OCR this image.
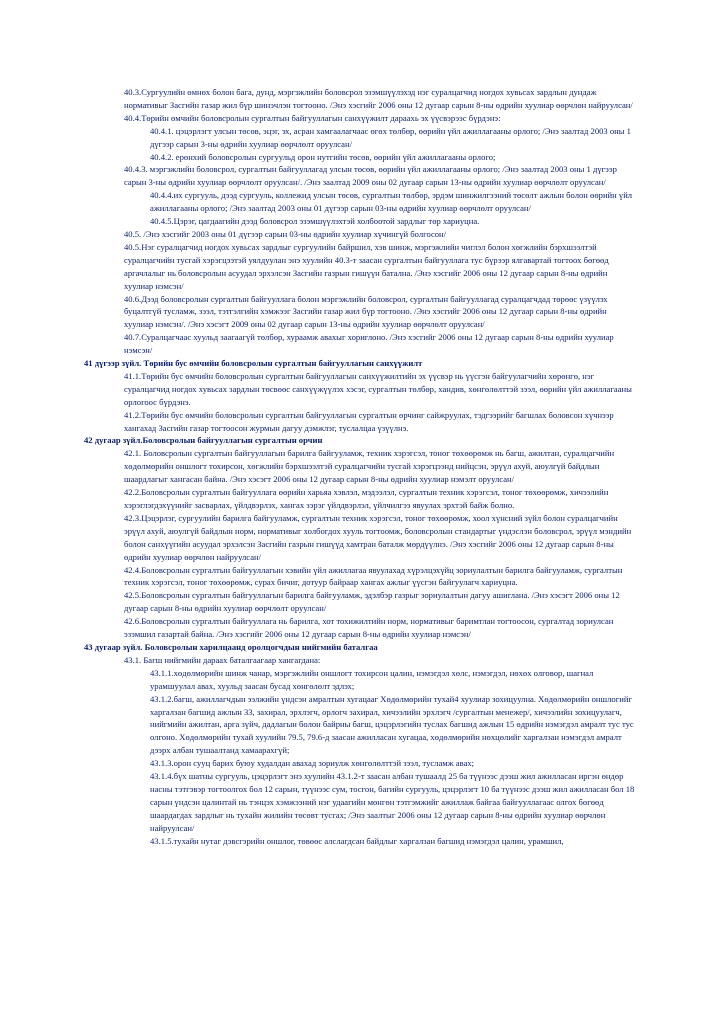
40.3.Сургуулийн өмнөх болон бага, дунд, мэргэжлийн боловсрол эзэмшүүлэхэд нэг суралцагчид ногдох хувьсах зардлын дундаж нормативыг Засгийн газар жил бүр шинэчлэн тогтооно. /Энэ хэсгийг 2006 оны 12 дугаар сарын 8-ны өдрийн хуулиар өөрчлөн найруулсан/

40.4.Төрийн өмчийн боловсролын сургалтын байгууллагын санхүүжилт дараахь эх үүсвэрээс бүрдэнэ:

40.4.1. цэцэрлэгт улсын төсөв, эцэг, эх, асран хамгаалагчаас өгөх төлбөр, өөрийн үйл ажиллагааны орлого; /Энэ заалтад 2003 оны 1 дүгээр сарын 3-ны өдрийн хуулиар өөрчлөлт оруулсан/

40.4.2. ерөнхий боловсролын сургуульд орон нутгийн төсөв, өөрийн үйл ажиллагааны орлого;

40.4.3. мэргэжлийн боловсрол, сургалтын байгууллагад улсын төсөв, өөрийн үйл ажиллагааны орлого; /Энэ заалтад 2003 оны 1 дүгээр сарын 3-ны өдрийн хуулиар өөрчлөлт оруулсан/. /Энэ заалтад 2009 оны 02 дугаар сарын 13-ны өдрийн хуулиар өөрчлөлт оруулсан/

40.4.4.их сургууль, дээд сургууль, коллежид улсын төсөв, сургалтын төлбөр, эрдэм шинжилгээний төсөлт ажлын болон өөрийн үйл ажиллагааны орлого; /Энэ заалтад 2003 оны 01 дүгээр сарын 03-ны өдрийн хуулиар өөрчлөлт оруулсан/

40.4.5.Цэрэг, цагдаагийн дээд боловсрол эзэмшүүлэхтэй холбоотой зардлыг төр хариуцна.

40.5. /Энэ хэсгийг 2003 оны 01 дүгээр сарын 03-ны өдрийн хуулиар хүчингүй болгосон/

40.5.Нэг суралцагчид ногдох хувьсах зардлыг сургуулийн байршил, хэв шинж, мэргэжлийн чиглэл болон хөгжлийн бэрхшээлтэй суралцагчийн тусгай хэрэгцээтэй уялдуулан энэ хуулийн 40.3-т заасан сургалтын байгууллага тус бүрээр ялгавартай тогтоох бөгөөд аргачлалыг нь боловсролын асуудал эрхэлсэн Засгийн газрын гишүүн батална. /Энэ хэсгийг 2006 оны 12 дугаар сарын 8-ны өдрийн хуулиар нэмсэн/

40.6.Дээд боловсролын сургалтын байгууллага болон мэргэжлийн боловсрол, сургалтын байгууллагад суралцагчдад төрөөс үзүүлэх буцалтгүй тусламж, зээл, тэтгэлгийн хэмжээг Засгийн газар жил бүр тогтооно. /Энэ хэсгийг 2006 оны 12 дугаар сарын 8-ны өдрийн хуулиар нэмсэн/. /Энэ хэсэгт 2009 оны 02 дугаар сарын 13-ны өдрийн хуулиар өөрчлөлт оруулсан/

40.7.Суралцагчаас хуульд заагаагүй төлбөр, хураамж авахыг хориглоно. /Энэ хэсгийг 2006 оны 12 дугаар сарын 8-ны өдрийн хуулиар нэмсэн/

41 дүгээр зүйл. Төрийн бус өмчийн боловсролын сургалтын байгууллагын санхүүжилт

41.1.Төрийн бус өмчийн боловсролын сургалтын байгууллагын санхүүжилтийн эх үүсвэр нь үүсгэн байгуулагчийн хөрөнгө, нэг суралцагчид ногдох хувьсах зардлын төсвөөс санхүүжүүлэх хэсэг, сургалтын төлбөр, хандив, хөнгөлөлттэй зээл, өөрийн үйл ажиллагааны орлогоос бүрдэнэ.

41.2.Төрийн бус өмчийн боловсролын сургалтын байгууллагын сургалтын өрчинг сайжруулах, тэдгээрийг багшлах боловсон хүчнээр хангахад Засгийн газар тогтоосон журмын дагуу дэмжлэг, туслалцаа үзүүлнэ.

42 дугаар зүйл.Боловсролын байгууллагын сургалтын орчин

42.1. Боловсролын сургалтын байгууллагын барилга байгууламж, техник хэрэгсэл, тоног төхөөрөмж нь багш, ажилтан, суралцагчийн хөдөлмөрийн оншлогт тохирсон, хөгжлийн бэрхшээлтэй суралцагчийн тусгай хэрэгцээнд нийцсэн, эрүүл ахуй, аюулгүй байдлын шаардлагыг хангасан байна. /Энэ хэсэгт 2006 оны 12 дугаар сарын 8-ны өдрийн хуулиар нэмэлт оруулсан/

42.2.Боловсролын сургалтын байгууллага өөрийн харьяа хэвлэл, мэдээлэл, сургалтын техник хэрэгсэл, тоног төхөөрөмж, хичээлийн хэрэглэгдэхүүнийг засварлах, үйлдвэрлэх, хангах зэрэг үйлдвэрлэл, үйлчилгээ явуулах эрхтэй байж болно.

42.3.Цэцэрлэг, сургуулийн барилга байгууламж, сургалтын техник хэрэгсэл, тоног төхөөрөмж, хоол хүнсний зүйл болон суралцагчийн эрүүл ахуй, аюулгүй байдлын норм, нормативыг холбогдох хууль тогтоомж, боловсролын стандартыг үндэслэн боловсрол, эрүүл мэндийн болон санхүүгийн асуудал эрхэлсэн Засгийн газрын гишүүд хамтран баталж мөрдүүлнэ. /Энэ хэсгийг 2006 оны 12 дугаар сарын 8-ны өдрийн хуулиар өөрчлөн найруулсан/

42.4.Боловсролын сургалтын байгууллагын хэвийн үйл ажиллагаа явуулахад хүрэлцэхүйц зориулалтын барилга байгууламж, сургалтын техник хэрэгсэл, тоног төхөөрөмж, сурах бичиг, дотуур байраар хангах ажлыг үүсгэн байгуулагч хариуцна.

42.5.Боловсролын сургалтын байгууллагын барилга байгууламж, эдэлбэр газрыг зориулалтын дагуу ашиглана. /Энэ хэсэгт 2006 оны 12 дугаар сарын 8-ны өдрийн хуулиар өөрчлөлт оруулсан/

42.6.Боловсролын сургалтын байгууллага нь барилга, хот тохижилтийн норм, нормативыг баримтлан тогтоосон, сургалтад зориулсан эзэмшил газартай байна. /Энэ хэсгийг 2006 оны 12 дугаар сарын 8-ны өдрийн хуулиар нэмсэн/

43 дугаар зүйл. Боловсролын харилцаанд оролцогчдын нийгмийн баталгаа

43.1. Багш нийгмийн дараах баталгаагаар хангагдана:

43.1.1.хөдөлмөрийн шинж чанар, мэргэжлийн оншлогт тохирсон цалин, нэмэгдэл хөлс, нэмэгдэл, нөхөх олговор, шагнал урамшуулал авах, хуульд заасан бусад хөнгөлөлт эдлэх;

43.1.2.багш, ажиллагчдын ээлжийн үндсэн амралтын хугацааг Хөдөлмөрийн тухай4 хуулиар зохицуулна. Хөдөлмөрийн оншлогийг харгалзан багшид ажлын 33, захирал, эрхлэгч, орлогч захирал, хичээлийн эрхлэгч /сургалтын менежер/, хичээлийн зохицуулагч, нийгмийн ажилтан, арга зүйч, дадлагын болон байрны багш, цэцэрлэгийн туслах багшид ажлын 15 өдрийн нэмэгдэл амралт тус тус олгоно. Хөдөлмөрийн тухай хуулийн 79.5, 79.6-д заасан ажилласан хугацаа, хөдөлмөрийн нөхцөлийг харгалзан нэмэгдэл амралт дээрх албан тушаалтанд хамаарахгүй;

43.1.3.орон сууц барих буюу худалдан авахад зориулж хөнгөлөлттэй зээл, тусламж авах;

43.1.4.бүх шатны сургууль, цэцэрлэгт энэ хуулийн 43.1.2-т заасан албан тушаалд 25 ба түүнээс дээш жил ажилласан иргэн өндөр насны тэтгэвэр тогтоолгох бол 12 сарын, түүнээс сум, тосгон, багийн сургууль, цэцэрлэгт 10 ба түүнээс дээш жил ажилласан бол 18 сарын үндсэн цалинтай нь тэнцэх хэмжээний нэг удаагийн мөнгөн тэтгэмжийг ажиллаж байгаа байгууллагаас олгох бөгөөд шаардагдах зардлыг нь тухайн жилийн төсөвт тусгах; /Энэ заалтыг 2006 оны 12 дугаар сарын 8-ны өдрийн хуулиар өөрчлөн найруулсан/

43.1.5.тухайн нутаг дэвсгэрийн оншлог, төвөөс алслагдсан байдлыг харгалзан багшид нэмэгдэл цалин, урамшил,
